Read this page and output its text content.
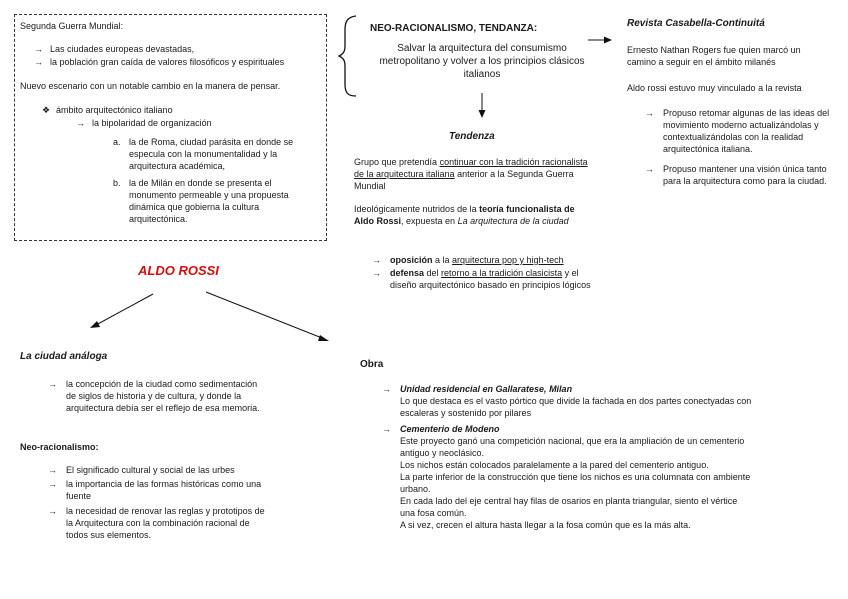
Segunda Guerra Mundial:

→ Las ciudades europeas devastadas,

→ la población gran caída de valores filosóficos y espirituales

Nuevo escenario con un notable cambio en la manera de pensar.

❖ ámbito arquitectónico italiano

→ la bipolaridad de organización

a. la de Roma, ciudad parásita en donde se especula con la monumentalidad y la arquitectura académica,

b. la de Milán en donde se presenta el monumento permeable y una propuesta dinámica que gobierna la cultura arquitectónica.

NEO-RACIONALISMO, TENDANZA:

Salvar la arquitectura del consumismo metropolitano y volver a los principios clásicos italianos

Tendenza

Grupo que pretendía continuar con la tradición racionalista de la arquitectura italiana anterior a la Segunda Guerra Mundial

Ideológicamente nutridos de la teoría funcionalista de Aldo Rossi, expuesta en La arquitectura de la ciudad

→ oposición a la arquitectura pop y high-tech

→ defensa del retorno a la tradición clasicista y el diseño arquitectónico basado en principios lógicos

Revista Casabella-Continuitá

Ernesto Nathan Rogers fue quien marcó un camino a seguir en el ámbito milanés

Aldo rossi estuvo muy vinculado a la revista

→ Propuso retomar algunas de las ideas del movimiento moderno actualizándolas y contextualizándolas con la realidad arquitectónica italiana.

→ Propuso mantener una visión única tanto para la arquitectura como para la ciudad.

ALDO ROSSI

La ciudad análoga

→ la concepción de la ciudad como sedimentación de siglos de historia y de cultura, y donde la arquitectura debía ser el reflejo de esa memoria.

Neo-racionalismo:

→ El significado cultural y social de las urbes

→ la importancia de las formas históricas como una fuente

→ la necesidad de renovar las reglas y prototipos de la Arquitectura con la combinación racional de todos sus elementos.

Obra

→ Unidad residencial en Gallaratese, Milan

Lo que destaca es el vasto pórtico que divide la fachada en dos partes conectyadas con escaleras y sostenido por pilares

→ Cementerio de Modeno

Este proyecto ganó una competición nacional, que era la ampliación de un cementerio antiguo y neoclásico.

Los nichos están colocados paralelamente a la pared del cementerio antiguo.

La parte inferior de la construcción que tiene los nichos es una columnata con ambiente urbano.

En cada lado del eje central hay filas de osarios en planta triangular, siento el vértice una fosa común.

A si vez, crecen el altura hasta llegar a la fosa común que es la más alta.
